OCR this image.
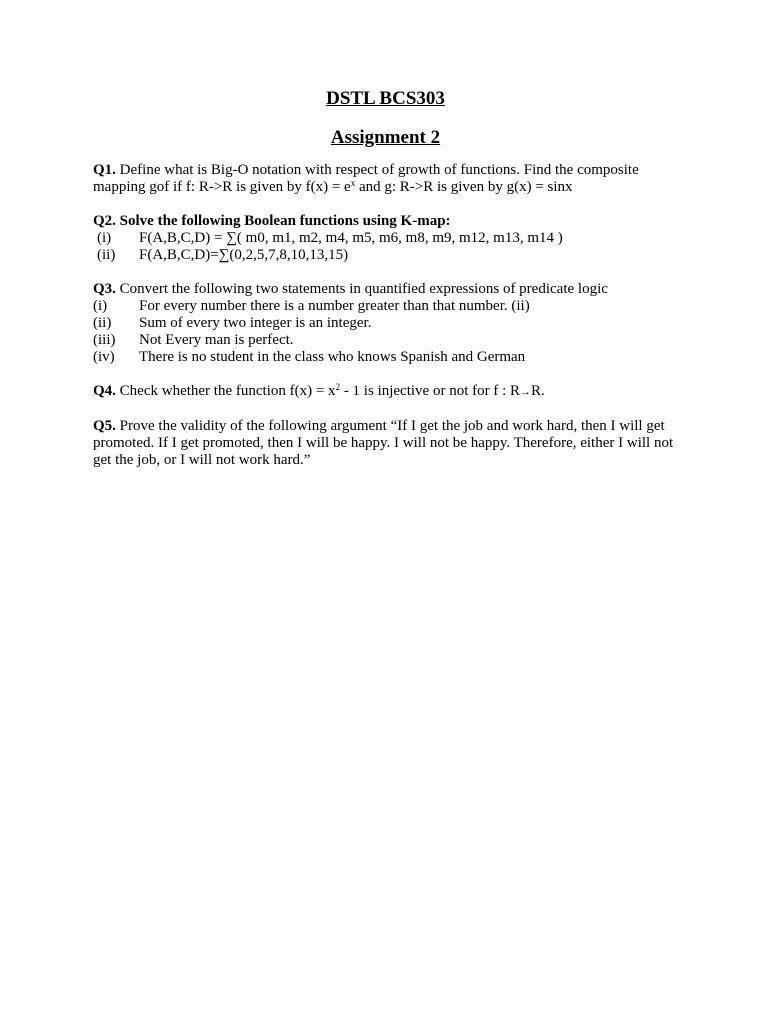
DSTL BCS303
Assignment 2

Q1. Define what is Big-O notation with respect of growth of functions. Find the composite mapping gof if f: R->R is given by $f(x) = e^x$ and g: R->R is given by g(x) = sinx

Q2. Solve the following Boolean functions using K-map:

(i)	F(A,B,C,D) = ∑( m0, m1, m2, m4, m5, m6, m8, m9, m12, m13, m14 )
(ii)	F(A,B,C,D)=∑(0,2,5,7,8,10,13,15)

Q3. Convert the following two statements in quantified expressions of predicate logic

(i)	For every number there is a number greater than that number. (ii)
(ii)	Sum of every two integer is an integer.
(iii)	Not Every man is perfect.
(iv)	There is no student in the class who knows Spanish and German

Q4. Check whether the function $f(x) = x^2 - 1$ is injective or not for f : R→R.

Q5. Prove the validity of the following argument “If I get the job and work hard, then I will get promoted. If I get promoted, then I will be happy. I will not be happy. Therefore, either I will not get the job, or I will not work hard.”
